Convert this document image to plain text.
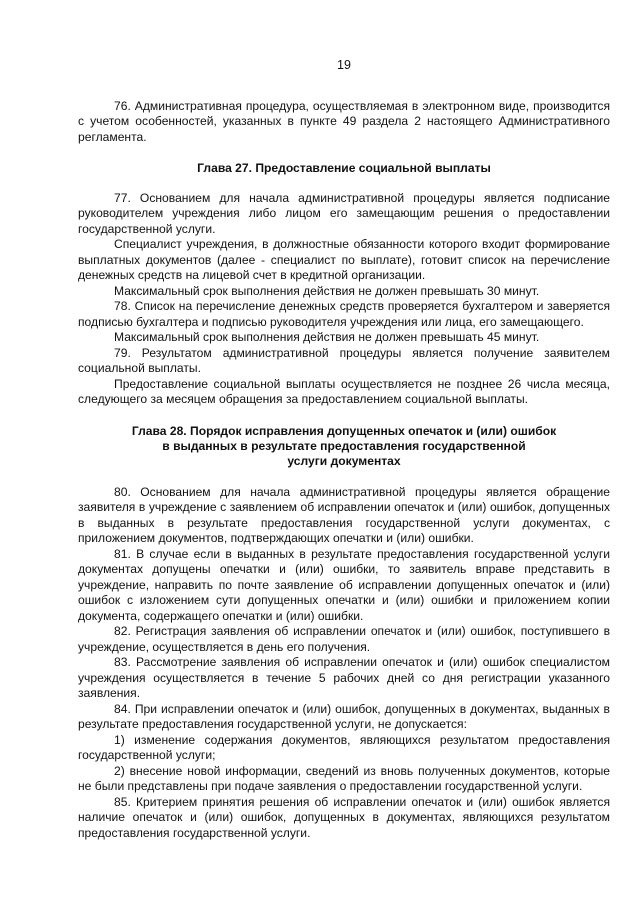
19

76. Административная процедура, осуществляемая в электронном виде, производится с учетом особенностей, указанных в пункте 49 раздела 2 настоящего Административного регламента.

Глава 27. Предоставление социальной выплаты

77. Основанием для начала административной процедуры является подписание руководителем учреждения либо лицом его замещающим решения о предоставлении государственной услуги.

Специалист учреждения, в должностные обязанности которого входит формирование выплатных документов (далее - специалист по выплате), готовит список на перечисление денежных средств на лицевой счет в кредитной организации.

Максимальный срок выполнения действия не должен превышать 30 минут.

78. Список на перечисление денежных средств проверяется бухгалтером и заверяется подписью бухгалтера и подписью руководителя учреждения или лица, его замещающего.

Максимальный срок выполнения действия не должен превышать 45 минут.

79. Результатом административной процедуры является получение заявителем социальной выплаты.

Предоставление социальной выплаты осуществляется не позднее 26 числа месяца, следующего за месяцем обращения за предоставлением социальной выплаты.

Глава 28. Порядок исправления допущенных опечаток и (или) ошибок
в выданных в результате предоставления государственной
услуги документах

80. Основанием для начала административной процедуры является обращение заявителя в учреждение с заявлением об исправлении опечаток и (или) ошибок, допущенных в выданных в результате предоставления государственной услуги документах, с приложением документов, подтверждающих опечатки и (или) ошибки.

81. В случае если в выданных в результате предоставления государственной услуги документах допущены опечатки и (или) ошибки, то заявитель вправе представить в учреждение, направить по почте заявление об исправлении допущенных опечаток и (или) ошибок с изложением сути допущенных опечатки и (или) ошибки и приложением копии документа, содержащего опечатки и (или) ошибки.

82. Регистрация заявления об исправлении опечаток и (или) ошибок, поступившего в учреждение, осуществляется в день его получения.

83. Рассмотрение заявления об исправлении опечаток и (или) ошибок специалистом учреждения осуществляется в течение 5 рабочих дней со дня регистрации указанного заявления.

84. При исправлении опечаток и (или) ошибок, допущенных в документах, выданных в результате предоставления государственной услуги, не допускается:

1) изменение содержания документов, являющихся результатом предоставления государственной услуги;

2) внесение новой информации, сведений из вновь полученных документов, которые не были представлены при подаче заявления о предоставлении государственной услуги.

85. Критерием принятия решения об исправлении опечаток и (или) ошибок является наличие опечаток и (или) ошибок, допущенных в документах, являющихся результатом предоставления государственной услуги.
